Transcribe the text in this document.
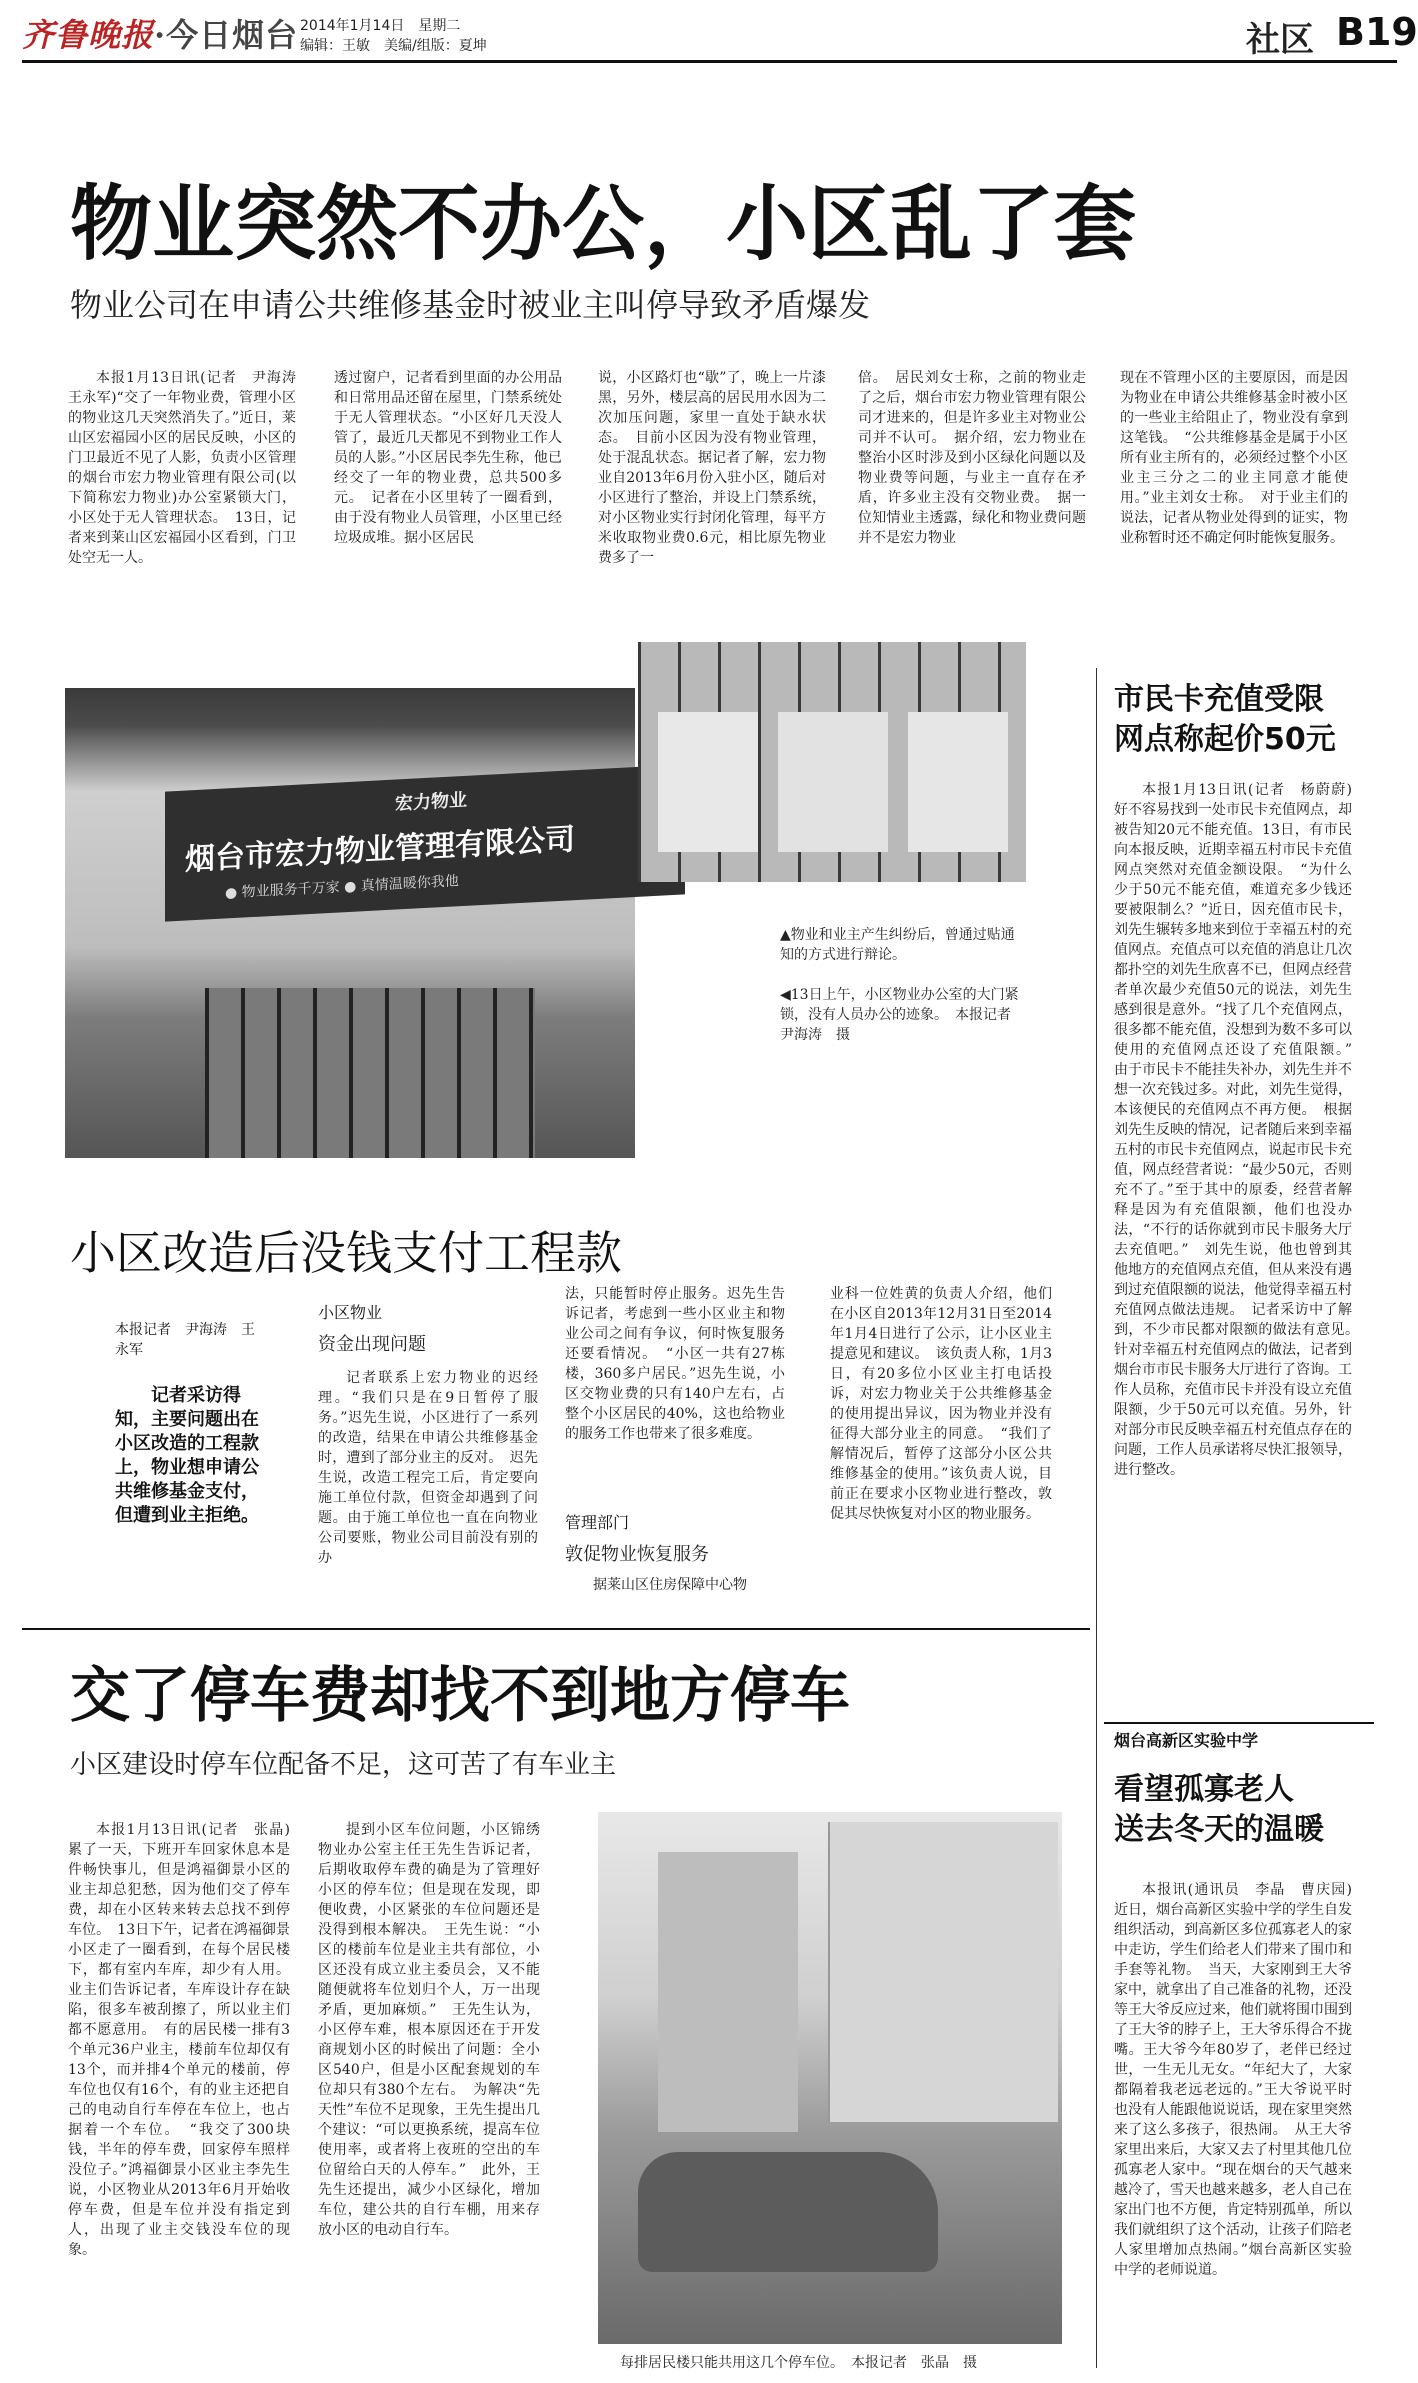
齐鲁晚报·今日烟台 2014年1月14日　星期二
编辑：王敏　美编/组版：夏坤	社区 B19
物业突然不办公，小区乱了套
物业公司在申请公共维修基金时被业主叫停导致矛盾爆发

本报1月13日讯(记者　尹海涛　王永军)“交了一年物业费，管理小区的物业这几天突然消失了。”近日，莱山区宏福园小区的居民反映，小区的门卫最近不见了人影，负责小区管理的烟台市宏力物业管理有限公司(以下简称宏力物业)办公室紧锁大门，小区处于无人管理状态。　13日，记者来到莱山区宏福园小区看到，门卫处空无一人。

透过窗户，记者看到里面的办公用品和日常用品还留在屋里，门禁系统处于无人管理状态。“小区好几天没人管了，最近几天都见不到物业工作人员的人影。”小区居民李先生称，他已经交了一年的物业费，总共500多元。　记者在小区里转了一圈看到，由于没有物业人员管理，小区里已经垃圾成堆。据小区居民

说，小区路灯也“歇”了，晚上一片漆黑，另外，楼层高的居民用水因为二次加压问题，家里一直处于缺水状态。　目前小区因为没有物业管理，处于混乱状态。据记者了解，宏力物业自2013年6月份入驻小区，随后对小区进行了整治，并设上门禁系统，对小区物业实行封闭化管理，每平方米收取物业费0.6元，相比原先物业费多了一

倍。　居民刘女士称，之前的物业走了之后，烟台市宏力物业管理有限公司才进来的，但是许多业主对物业公司并不认可。　据介绍，宏力物业在整治小区时涉及到小区绿化问题以及物业费等问题，与业主一直存在矛盾，许多业主没有交物业费。　据一位知情业主透露，绿化和物业费问题并不是宏力物业

现在不管理小区的主要原因，而是因为物业在申请公共维修基金时被小区的一些业主给阻止了，物业没有拿到这笔钱。　“公共维修基金是属于小区所有业主所有的，必须经过整个小区业主三分之二的业主同意才能使用。”业主刘女士称。　对于业主们的说法，记者从物业处得到的证实，物业称暂时还不确定何时能恢复服务。

宏力物业
烟台市宏力物业管理有限公司
● 物业服务千万家 ● 真情温暖你我他
▲物业和业主产生纠纷后，曾通过贴通知的方式进行辩论。
◀13日上午，小区物业办公室的大门紧锁，没有人员办公的迹象。　本报记者　尹海涛　摄
小区改造后没钱支付工程款
本报记者　尹海涛　王永军
记者采访得知，主要问题出在小区改造的工程款上，物业想申请公共维修基金支付，但遭到业主拒绝。
小区物业
资金出现问题

记者联系上宏力物业的迟经理。“我们只是在9日暂停了服务。”迟先生说，小区进行了一系列的改造，结果在申请公共维修基金时，遭到了部分业主的反对。　迟先生说，改造工程完工后，肯定要向施工单位付款，但资金却遇到了问题。由于施工单位也一直在向物业公司要账，物业公司目前没有别的办

法，只能暂时停止服务。迟先生告诉记者，考虑到一些小区业主和物业公司之间有争议，何时恢复服务还要看情况。　“小区一共有27栋楼，360多户居民。”迟先生说，小区交物业费的只有140户左右，占整个小区居民的40%，这也给物业的服务工作也带来了很多难度。

管理部门
敦促物业恢复服务

据莱山区住房保障中心物

业科一位姓黄的负责人介绍，他们在小区自2013年12月31日至2014年1月4日进行了公示，让小区业主提意见和建议。　该负责人称，1月3日，有20多位小区业主打电话投诉，对宏力物业关于公共维修基金的使用提出异议，因为物业并没有征得大部分业主的同意。　“我们了解情况后，暂停了这部分小区公共维修基金的使用。”该负责人说，目前正在要求小区物业进行整改，敦促其尽快恢复对小区的物业服务。

交了停车费却找不到地方停车
小区建设时停车位配备不足，这可苦了有车业主

本报1月13日讯(记者　张晶)　累了一天，下班开车回家休息本是件畅快事儿，但是鸿福御景小区的业主却总犯愁，因为他们交了停车费，却在小区转来转去总找不到停车位。　13日下午，记者在鸿福御景小区走了一圈看到，在每个居民楼下，都有室内车库，却少有人用。业主们告诉记者，车库设计存在缺陷，很多车被刮擦了，所以业主们都不愿意用。　有的居民楼一排有3个单元36户业主，楼前车位却仅有13个，而并排4个单元的楼前，停车位也仅有16个，有的业主还把自己的电动自行车停在车位上，也占据着一个车位。　“我交了300块钱，半年的停车费，回家停车照样没位子。”鸿福御景小区业主李先生说，小区物业从2013年6月开始收停车费，但是车位并没有指定到人，出现了业主交钱没车位的现象。

提到小区车位问题，小区锦绣物业办公室主任王先生告诉记者，后期收取停车费的确是为了管理好小区的停车位；但是现在发现，即便收费，小区紧张的车位问题还是没得到根本解决。　王先生说：“小区的楼前车位是业主共有部位，小区还没有成立业主委员会，又不能随便就将车位划归个人，万一出现矛盾，更加麻烦。”　王先生认为，小区停车难，根本原因还在于开发商规划小区的时候出了问题：全小区540户，但是小区配套规划的车位却只有380个左右。　为解决“先天性”车位不足现象，王先生提出几个建议：“可以更换系统，提高车位使用率，或者将上夜班的空出的车位留给白天的人停车。”　此外，王先生还提出，减少小区绿化，增加车位，建公共的自行车棚，用来存放小区的电动自行车。

每排居民楼只能共用这几个停车位。　本报记者　张晶　摄
市民卡充值受限
网点称起价50元

本报1月13日讯(记者　杨蔚蔚)　好不容易找到一处市民卡充值网点，却被告知20元不能充值。13日，有市民向本报反映，近期幸福五村市民卡充值网点突然对充值金额设限。　“为什么少于50元不能充值，难道充多少钱还要被限制么？”近日，因充值市民卡，刘先生辗转多地来到位于幸福五村的充值网点。充值点可以充值的消息让几次都扑空的刘先生欣喜不已，但网点经营者单次最少充值50元的说法，刘先生感到很是意外。“找了几个充值网点，很多都不能充值，没想到为数不多可以使用的充值网点还设了充值限额。”　由于市民卡不能挂失补办，刘先生并不想一次充钱过多。对此，刘先生觉得，本该便民的充值网点不再方便。　根据刘先生反映的情况，记者随后来到幸福五村的市民卡充值网点，说起市民卡充值，网点经营者说：“最少50元，否则充不了。”至于其中的原委，经营者解释是因为有充值限额，他们也没办法，“不行的话你就到市民卡服务大厅去充值吧。”　刘先生说，他也曾到其他地方的充值网点充值，但从来没有遇到过充值限额的说法，他觉得幸福五村充值网点做法违规。　记者采访中了解到，不少市民都对限额的做法有意见。　针对幸福五村充值网点的做法，记者到烟台市市民卡服务大厅进行了咨询。工作人员称，充值市民卡并没有设立充值限额，少于50元可以充值。另外，针对部分市民反映幸福五村充值点存在的问题，工作人员承诺将尽快汇报领导，进行整改。

烟台高新区实验中学
看望孤寡老人
送去冬天的温暖

本报讯(通讯员　李晶　曹庆园)　近日，烟台高新区实验中学的学生自发组织活动，到高新区多位孤寡老人的家中走访，学生们给老人们带来了围巾和手套等礼物。　当天，大家刚到王大爷家中，就拿出了自己准备的礼物，还没等王大爷反应过来，他们就将围巾围到了王大爷的脖子上，王大爷乐得合不拢嘴。王大爷今年80岁了，老伴已经过世，一生无儿无女。“年纪大了，大家都隔着我老远老远的。”王大爷说平时也没有人能跟他说说话，现在家里突然来了这么多孩子，很热闹。　从王大爷家里出来后，大家又去了村里其他几位孤寡老人家中。“现在烟台的天气越来越冷了，雪天也越来越多，老人自己在家出门也不方便，肯定特别孤单，所以我们就组织了这个活动，让孩子们陪老人家里增加点热闹。”烟台高新区实验中学的老师说道。
